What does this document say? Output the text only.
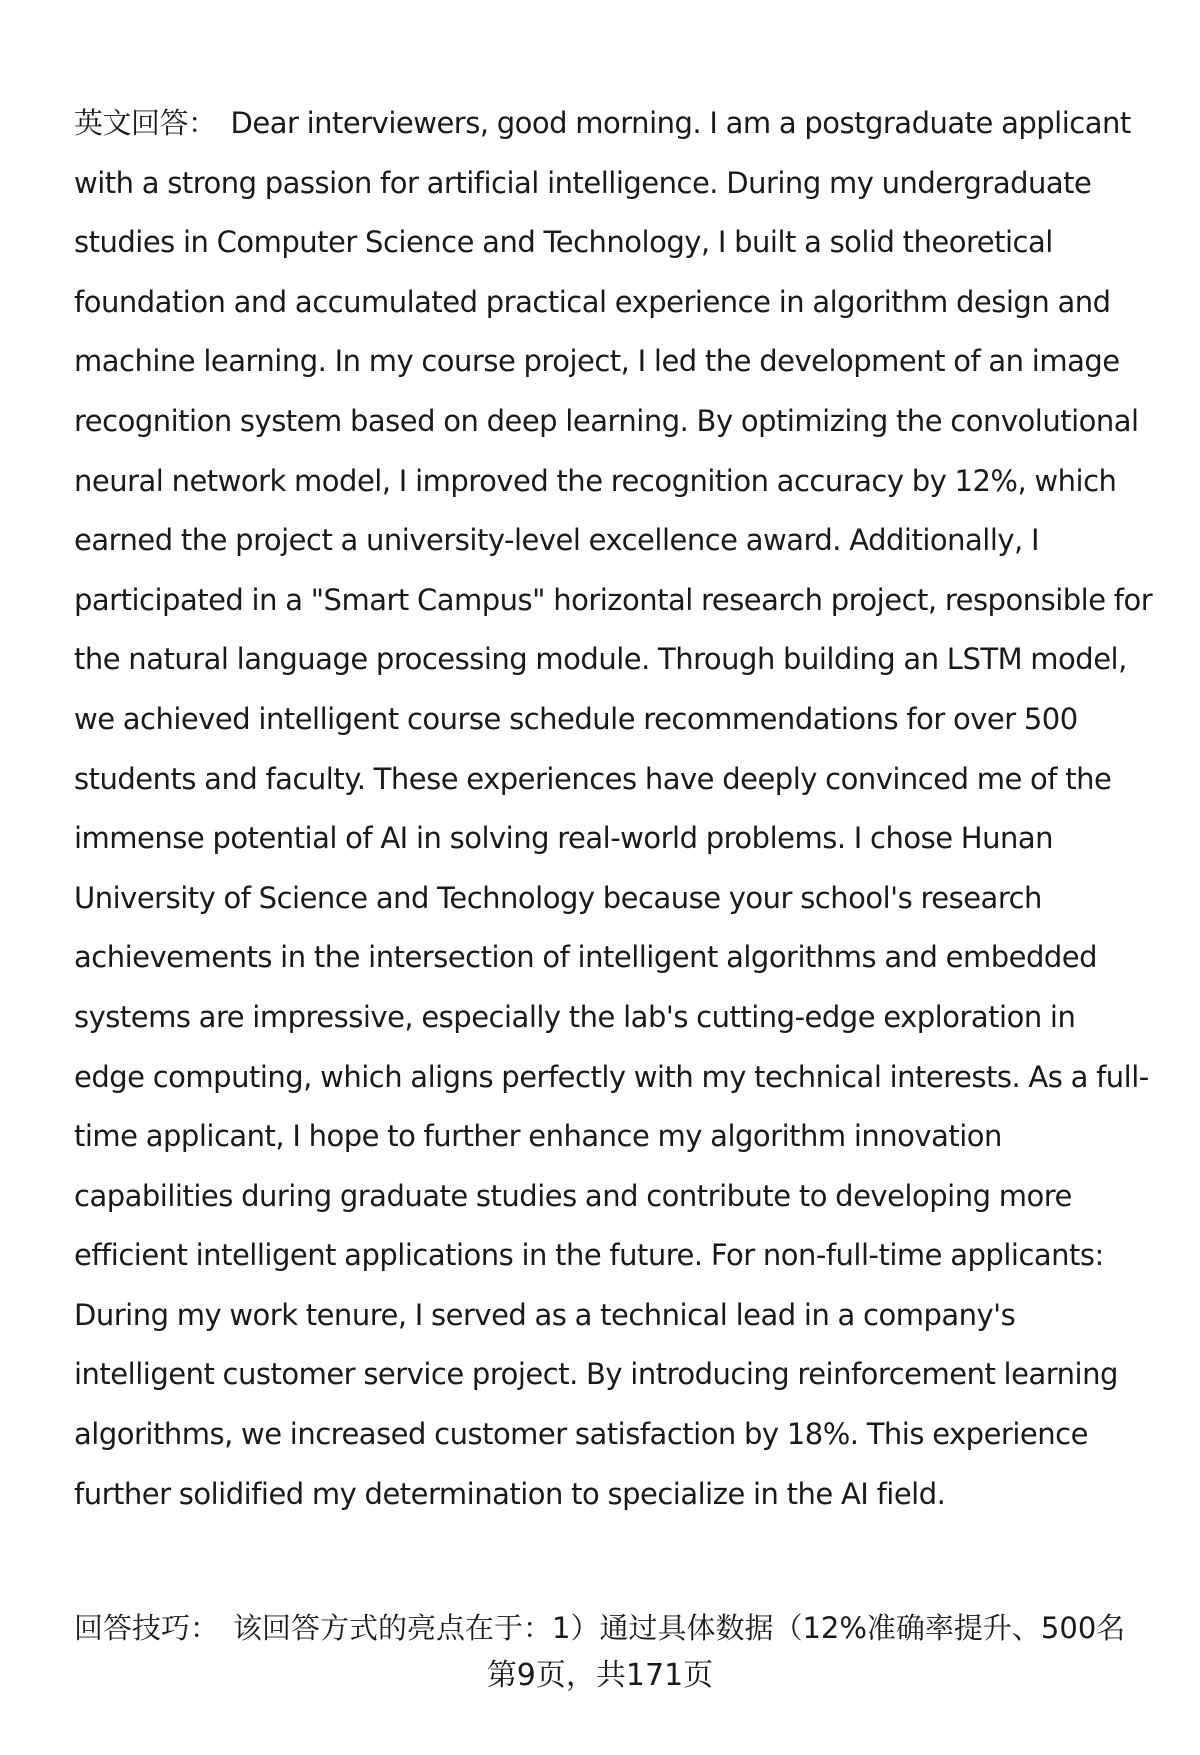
英文回答： Dear interviewers, good morning. I am a postgraduate applicant with a strong passion for artificial intelligence. During my undergraduate studies in Computer Science and Technology, I built a solid theoretical foundation and accumulated practical experience in algorithm design and machine learning. In my course project, I led the development of an image recognition system based on deep learning. By optimizing the convolutional neural network model, I improved the recognition accuracy by 12%, which earned the project a university-level excellence award. Additionally, I participated in a "Smart Campus" horizontal research project, responsible for the natural language processing module. Through building an LSTM model, we achieved intelligent course schedule recommendations for over 500 students and faculty. These experiences have deeply convinced me of the immense potential of AI in solving real-world problems. I chose Hunan University of Science and Technology because your school's research achievements in the intersection of intelligent algorithms and embedded systems are impressive, especially the lab's cutting-edge exploration in edge computing, which aligns perfectly with my technical interests. As a full-time applicant, I hope to further enhance my algorithm innovation capabilities during graduate studies and contribute to developing more efficient intelligent applications in the future. For non-full-time applicants: During my work tenure, I served as a technical lead in a company's intelligent customer service project. By introducing reinforcement learning algorithms, we increased customer satisfaction by 18%. This experience further solidified my determination to specialize in the AI field.

回答技巧： 该回答方式的亮点在于：1）通过具体数据（12%准确率提升、500名
第9页，共171页
